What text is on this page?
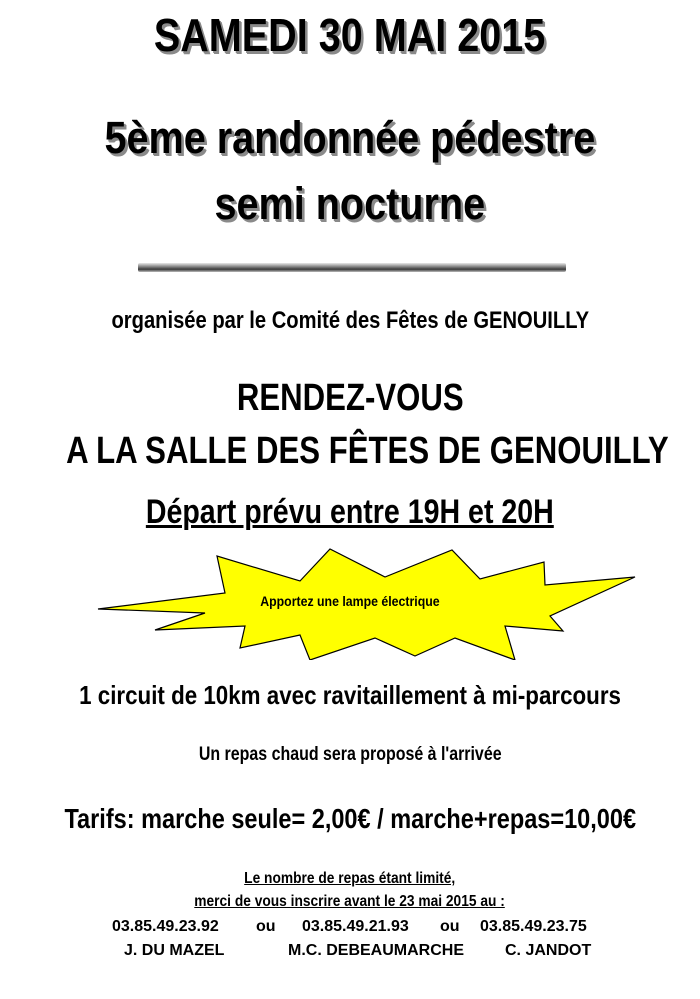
SAMEDI 30 MAI 2015
5ème randonnée pédestre
semi nocturne
organisée par le Comité des Fêtes de GENOUILLY
RENDEZ-VOUS
A LA SALLE DES FÊTES DE GENOUILLY
Départ prévu entre 19H et 20H
Apportez une lampe électrique
1 circuit de 10km avec ravitaillement à mi-parcours
Un repas chaud sera proposé à l'arrivée
Tarifs: marche seule= 2,00€ / marche+repas=10,00€
Le nombre de repas étant limité,
merci de vous inscrire avant le 23 mai 2015 au :
03.85.49.23.92 ou 03.85.49.21.93 ou 03.85.49.23.75
J. DU MAZEL	M.C. DEBEAUMARCHE	C. JANDOT
